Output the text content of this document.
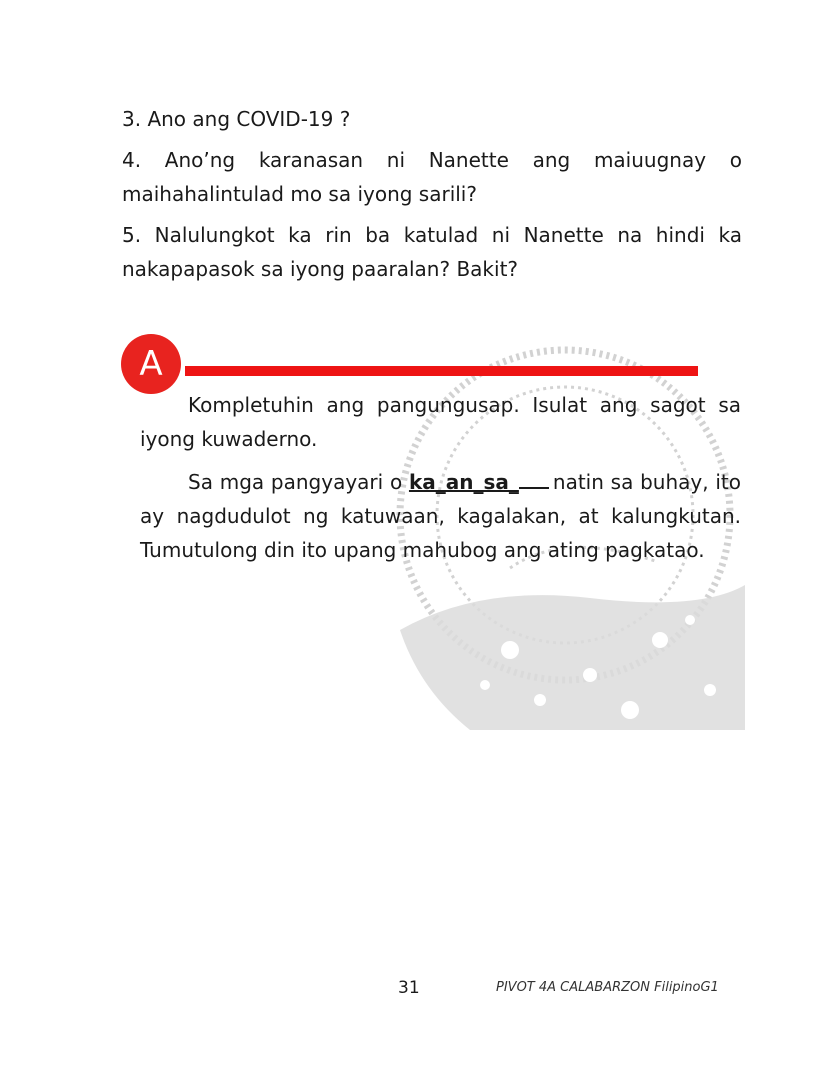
3. Ano ang COVID-19 ?

4. Ano’ng karanasan ni Nanette ang maiuugnay o maihahalintulad mo sa iyong sarili?

5. Nalulungkot ka rin ba katulad ni Nanette na hindi ka nakapapasok sa iyong paaralan? Bakit?

A

Kompletuhin ang pangungusap. Isulat ang sagot sa iyong kuwaderno.

Sa mga pangyayari o ka_an_sa_ natin sa buhay, ito ay nagdudulot ng katuwaan, kagalakan, at kalungkutan. Tumutulong din ito upang mahubog ang ating pagkatao.

31	PIVOT 4A CALABARZON FilipinoG1
